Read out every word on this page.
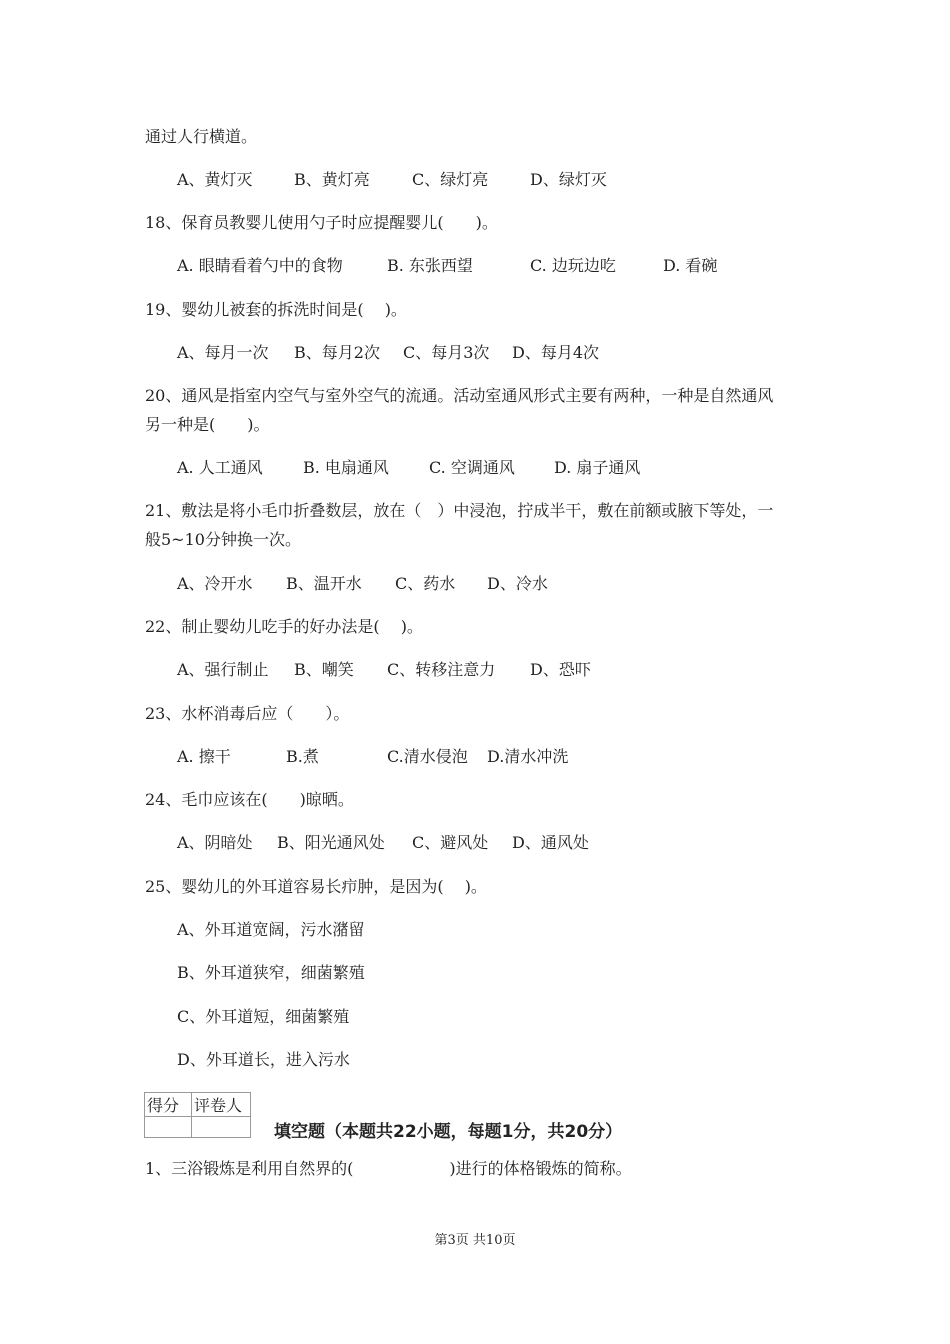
通过人行横道。
A、黄灯灭	B、黄灯亮	C、绿灯亮	D、绿灯灭
18、保育员教婴儿使用勺子时应提醒婴儿(　　)。
A. 眼睛看着勺中的食物	B. 东张西望	C. 边玩边吃	D. 看碗
19、婴幼儿被套的拆洗时间是(　 )。
A、每月一次 B、每月2次 C、每月3次 D、每月4次
20、通风是指室内空气与室外空气的流通。活动室通风形式主要有两种，一种是自然通风
另一种是(　　)。
A. 人工通风	B. 电扇通风	C. 空调通风 D. 扇子通风
21、敷法是将小毛巾折叠数层，放在（　）中浸泡，拧成半干，敷在前额或腋下等处，一
般5~10分钟换一次。
A、冷开水 B、温开水 C、药水 D、冷水
22、制止婴幼儿吃手的好办法是(　 )。
A、强行制止 B、嘲笑 C、转移注意力 D、恐吓
23、水杯消毒后应（　　）。
A. 擦干	B.煮	C.清水侵泡 D.清水冲洗
24、毛巾应该在(　　)晾晒。
A、阴暗处 B、阳光通风处 C、避风处 D、通风处
25、婴幼儿的外耳道容易长疖肿，是因为(　 )。
A、外耳道宽阔，污水潴留
B、外耳道狭窄，细菌繁殖
C、外耳道短，细菌繁殖
D、外耳道长，进入污水
得分	评卷人

填空题（本题共22小题，每题1分，共20分）
1、三浴锻炼是利用自然界的(　　　　　　)进行的体格锻炼的简称。
第3页 共10页
